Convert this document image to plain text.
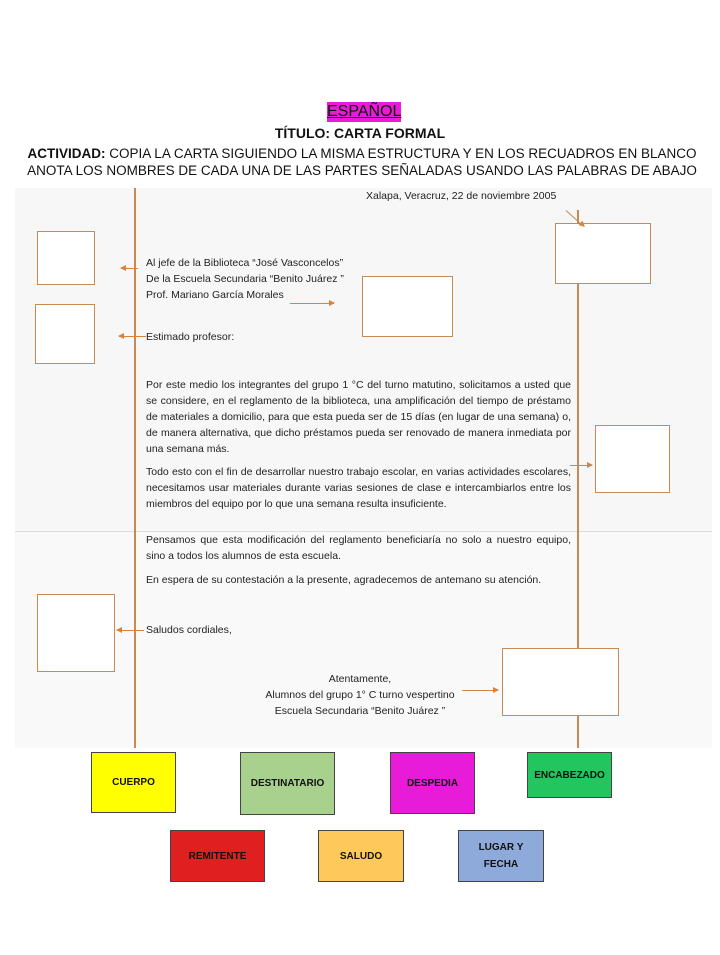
ESPAÑOL
TÍTULO: CARTA FORMAL
ACTIVIDAD: COPIA LA CARTA SIGUIENDO LA MISMA ESTRUCTURA Y EN LOS RECUADROS EN BLANCO ANOTA LOS NOMBRES DE CADA UNA DE LAS PARTES SEÑALADAS USANDO LAS PALABRAS DE ABAJO
Xalapa, Veracruz, 22 de noviembre 2005
Al jefe de la Biblioteca “José Vasconcelos”
De la Escuela Secundaria “Benito Juárez ”
Prof. Mariano García Morales
Estimado profesor:
Por este medio los integrantes del grupo 1 °C del turno matutino, solicitamos a usted que se considere, en el reglamento de la biblioteca, una amplificación del tiempo de préstamo de materiales a domicilio, para que esta pueda ser de 15 días (en lugar de una semana) o, de manera alternativa, que dicho préstamos pueda ser renovado de manera inmediata por una semana más.
Todo esto con el fin de desarrollar nuestro trabajo escolar, en varias actividades escolares, necesitamos usar materiales durante varias sesiones de clase e intercambiarlos entre los miembros del equipo por lo que una semana resulta insuficiente.
Pensamos que esta modificación del reglamento beneficiaría no solo a nuestro equipo, sino a todos los alumnos de esta escuela.
En espera de su contestación a la presente, agradecemos de antemano su atención.
Saludos cordiales,
Atentamente,
Alumnos del grupo 1° C turno vespertino
Escuela Secundaria “Benito Juárez ”
CUERPO	DESTINATARIO	DESPEDIA
ENCABEZADO
REMITENTE	SALUDO
LUGAR Y
FECHA
